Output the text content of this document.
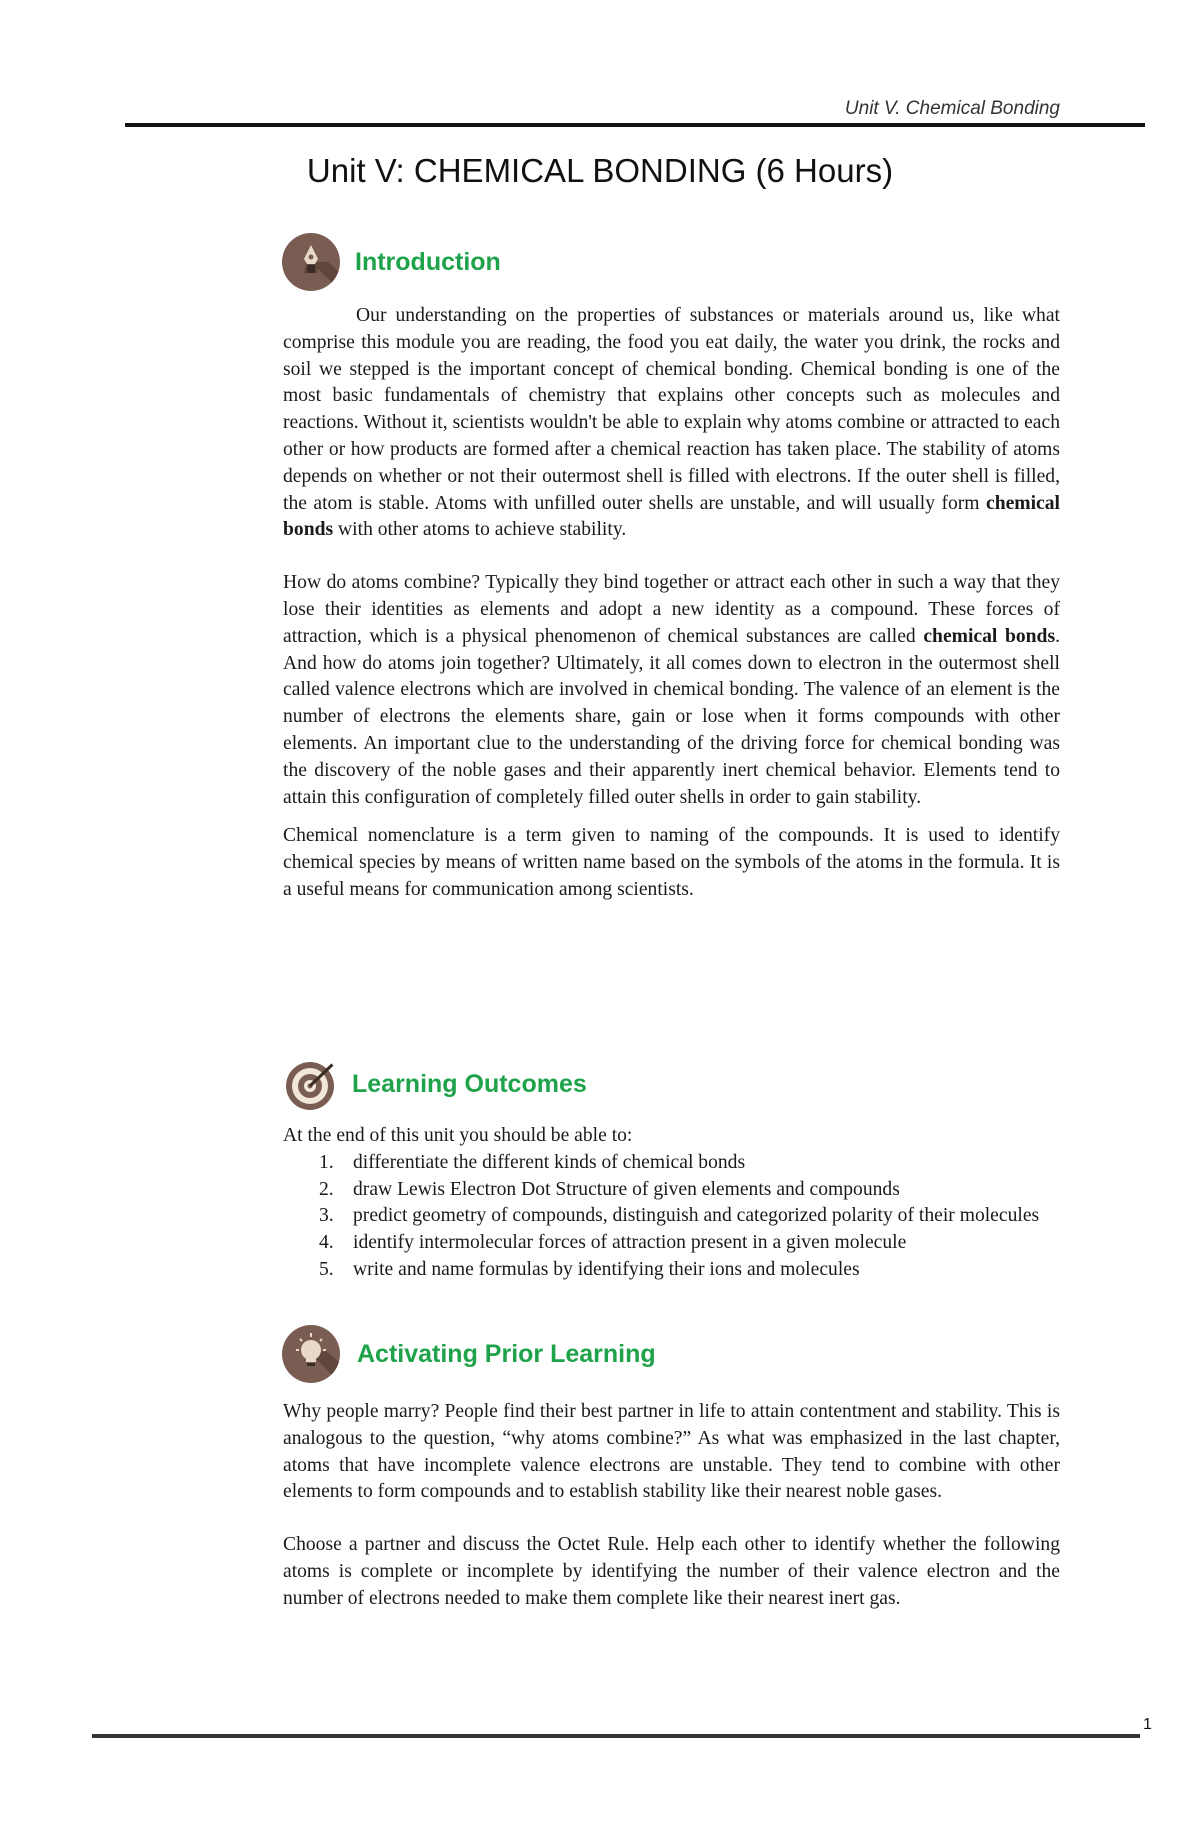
Unit V. Chemical Bonding
Unit V: CHEMICAL BONDING (6 Hours)
Introduction

Our understanding on the properties of substances or materials around us, like what comprise this module you are reading, the food you eat daily, the water you drink, the rocks and soil we stepped is the important concept of chemical bonding. Chemical bonding is one of the most basic fundamentals of chemistry that explains other concepts such as molecules and reactions. Without it, scientists wouldn't be able to explain why atoms combine or attracted to each other or how products are formed after a chemical reaction has taken place. The stability of atoms depends on whether or not their outermost shell is filled with electrons. If the outer shell is filled, the atom is stable. Atoms with unfilled outer shells are unstable, and will usually form chemical bonds with other atoms to achieve stability.

How do atoms combine? Typically they bind together or attract each other in such a way that they lose their identities as elements and adopt a new identity as a compound. These forces of attraction, which is a physical phenomenon of chemical substances are called chemical bonds. And how do atoms join together? Ultimately, it all comes down to electron in the outermost shell called valence electrons which are involved in chemical bonding. The valence of an element is the number of electrons the elements share, gain or lose when it forms compounds with other elements. An important clue to the understanding of the driving force for chemical bonding was the discovery of the noble gases and their apparently inert chemical behavior. Elements tend to attain this configuration of completely filled outer shells in order to gain stability.

Chemical nomenclature is a term given to naming of the compounds. It is used to identify chemical species by means of written name based on the symbols of the atoms in the formula. It is a useful means for communication among scientists.

Learning Outcomes

At the end of this unit you should be able to:

1. differentiate the different kinds of chemical bonds
2. draw Lewis Electron Dot Structure of given elements and compounds
3. predict geometry of compounds, distinguish and categorized polarity of their molecules
4. identify intermolecular forces of attraction present in a given molecule
5. write and name formulas by identifying their ions and molecules
Activating Prior Learning

Why people marry? People find their best partner in life to attain contentment and stability. This is analogous to the question, “why atoms combine?” As what was emphasized in the last chapter, atoms that have incomplete valence electrons are unstable. They tend to combine with other elements to form compounds and to establish stability like their nearest noble gases.

Choose a partner and discuss the Octet Rule. Help each other to identify whether the following atoms is complete or incomplete by identifying the number of their valence electron and the number of electrons needed to make them complete like their nearest inert gas.

1
